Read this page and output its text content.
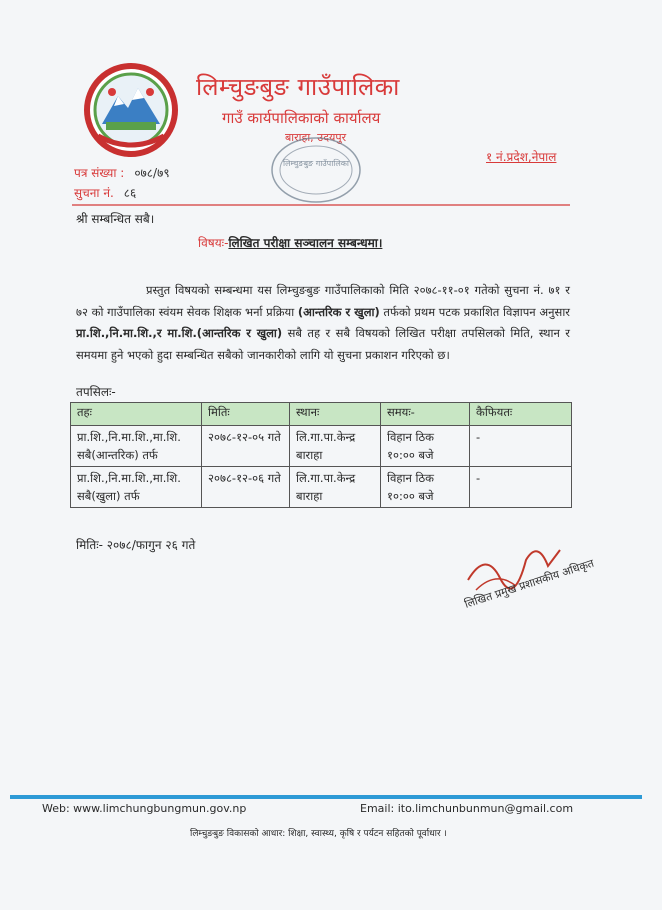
लिम्चुङबुङ गाउँपालिका
गाउँ कार्यपालिकाको कार्यालय
बाराहा, उदयपुर
लिम्चुङबुङ गाउँपालिका	१ नं.प्रदेश,नेपाल
पत्र संख्या : ०७८/७९
सुचना नं. ८६
श्री सम्बन्धित सबै।
विषयः-लिखित परीक्षा सञ्चालन सम्बन्धमा।
प्रस्तुत विषयको सम्बन्धमा यस लिम्चुङबुङ गाउँपालिकाको मिति २०७८-११-०१ गतेको सुचना नं. ७१ र ७२ को गाउँपालिका स्वंयम सेवक शिक्षक भर्ना प्रक्रिया (आन्तरिक र खुला) तर्फको प्रथम पटक प्रकाशित विज्ञापन अनुसार प्रा.शि.,नि.मा.शि.,र मा.शि.(आन्तरिक र खुला) सबै तह र सबै विषयको लिखित परीक्षा तपसिलको मिति, स्थान र समयमा हुने भएको हुदा सम्बन्धित सबैको जानकारीको लागि यो सुचना प्रकाशन गरिएको छ।
तपसिलः-
तहः	मितिः	स्थानः	समयः-	कैफियतः
प्रा.शि.,नि.मा.शि.,मा.शि. सबै(आन्तरिक) तर्फ	२०७८-१२-०५ गते	लि.गा.पा.केन्द्र बाराहा	विहान ठिक १०:०० बजे	-
प्रा.शि.,नि.मा.शि.,मा.शि. सबै(खुला) तर्फ	२०७८-१२-०६ गते	लि.गा.पा.केन्द्र बाराहा	विहान ठिक १०:०० बजे	-
मितिः- २०७८/फागुन २६ गते
लिखित प्रमुख प्रशासकीय अधिकृत
Web: www.limchungbungmun.gov.np	Email: ito.limchunbunmun@gmail.com
लिम्चुङबुङ विकासको आधार: शिक्षा, स्वास्थ्य, कृषि र पर्यटन सहितको पूर्वाधार ।
